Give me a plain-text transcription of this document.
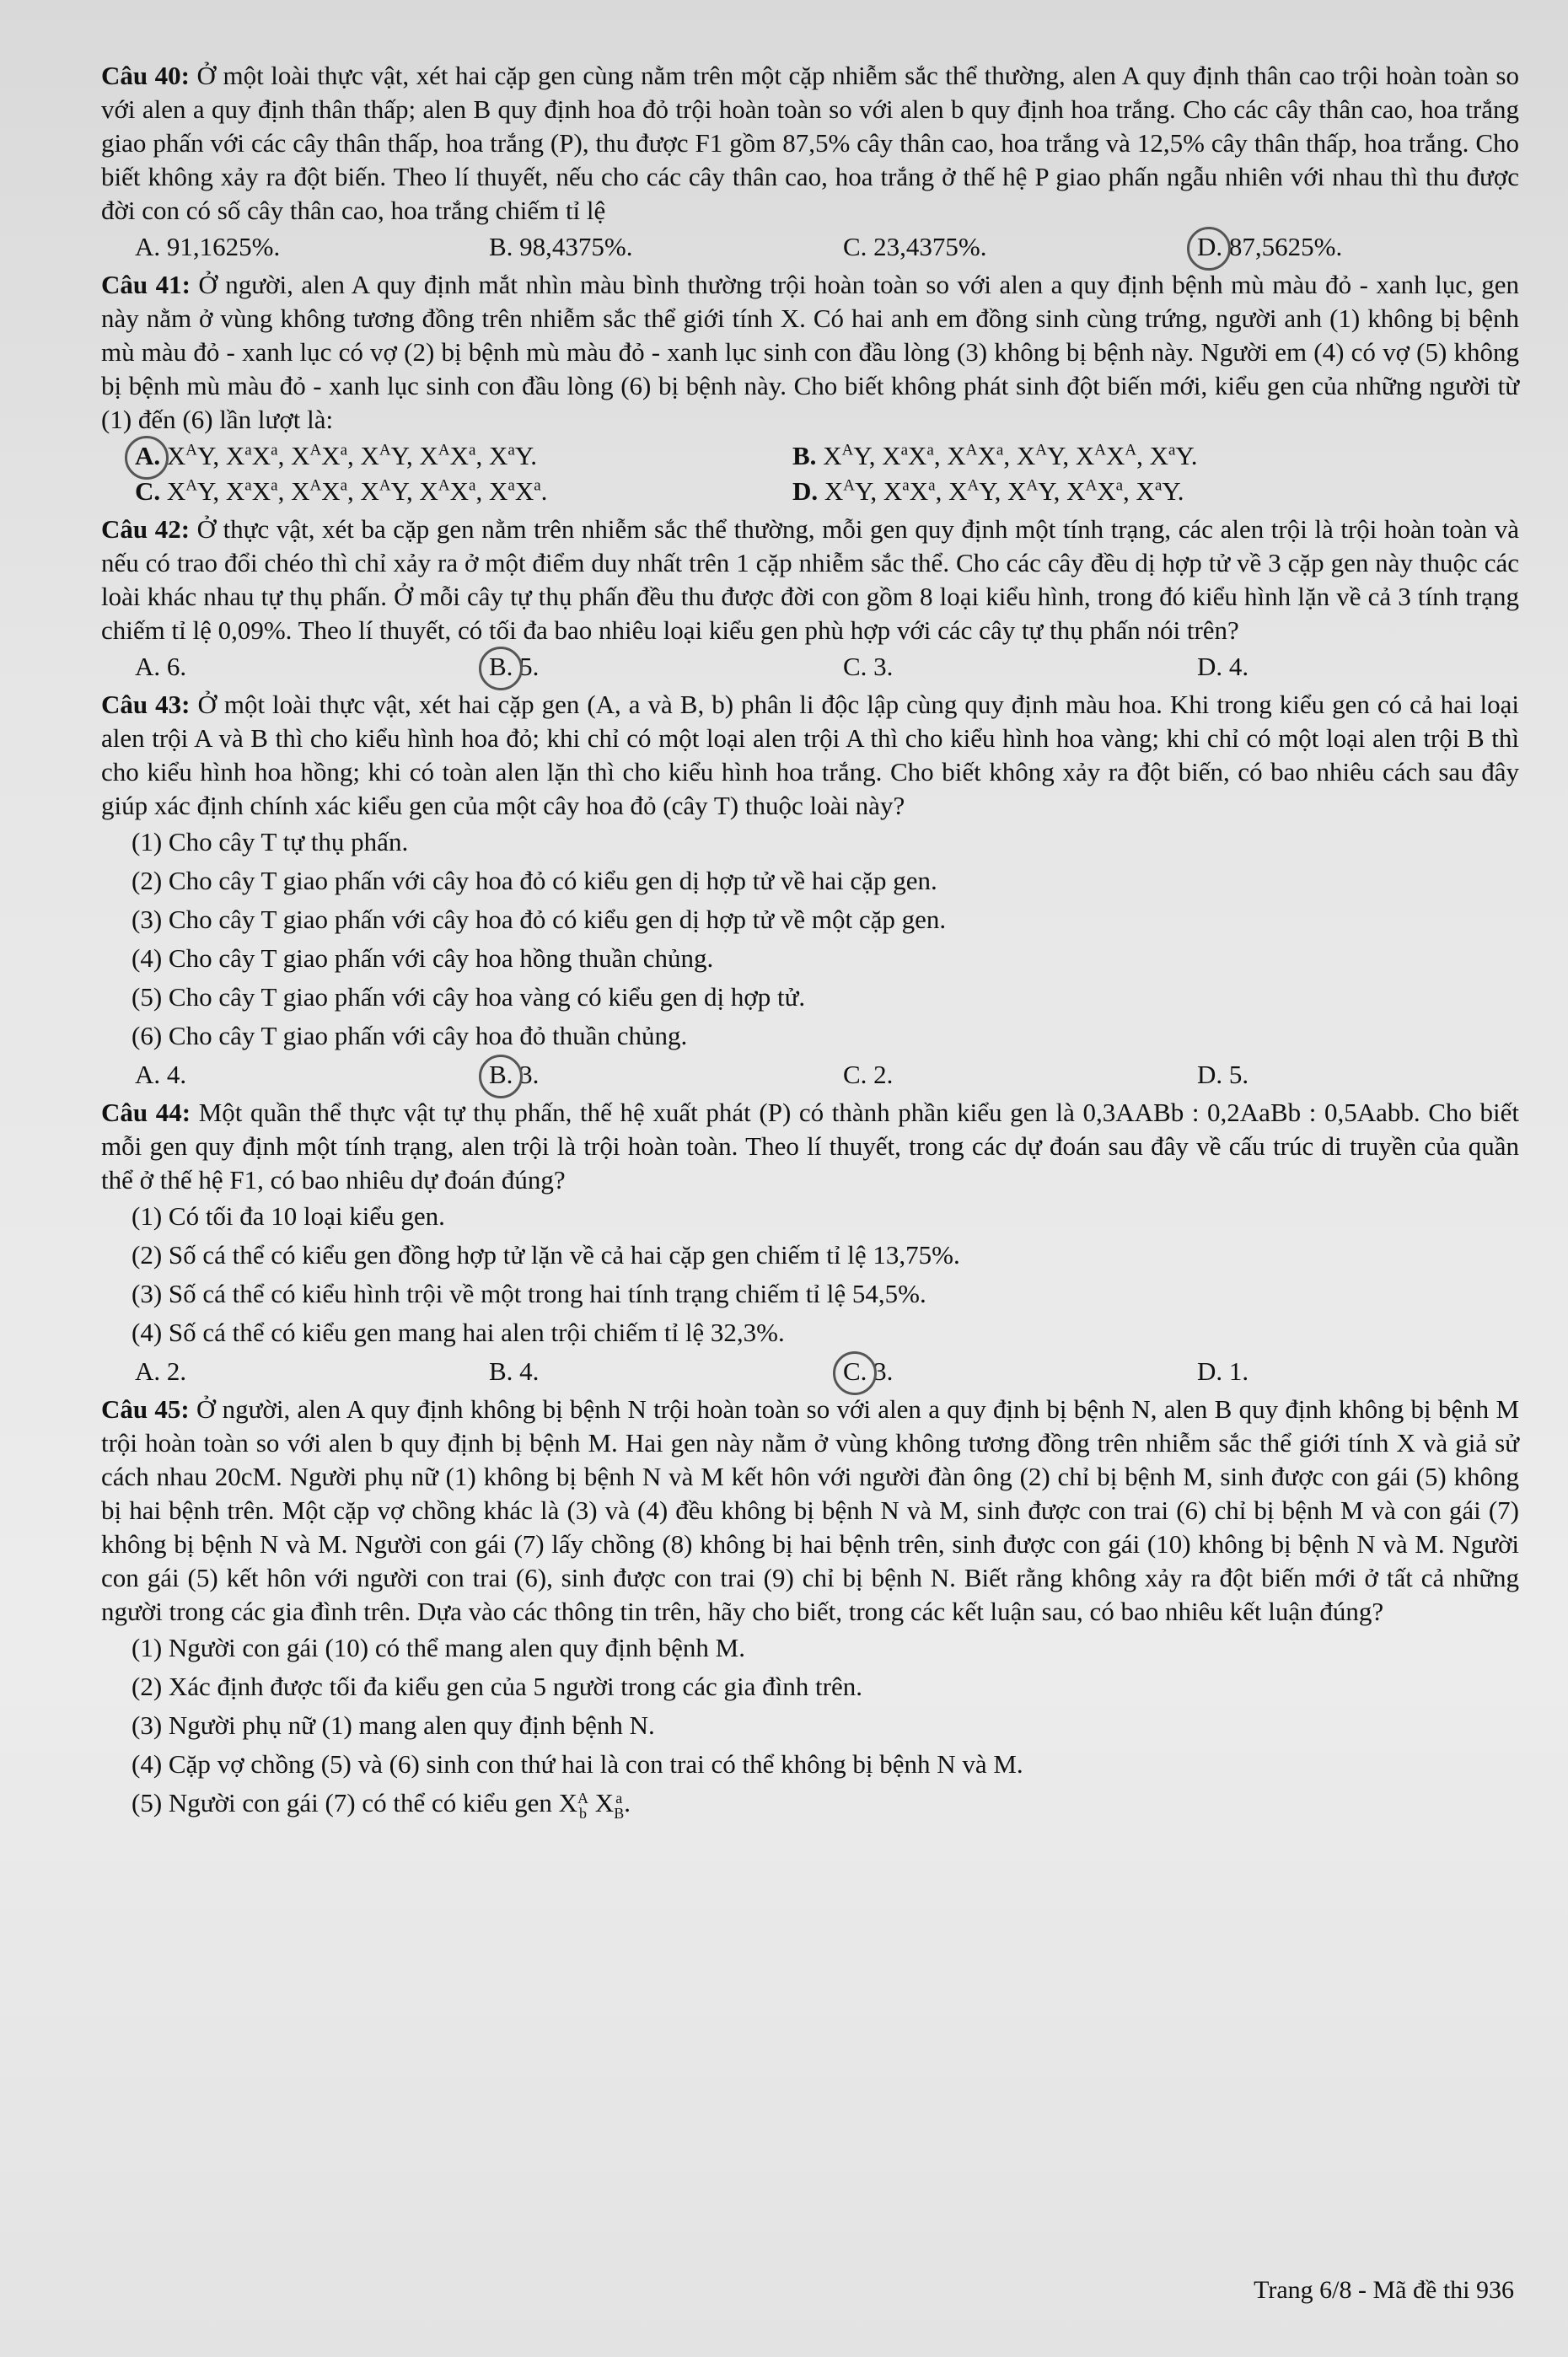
Câu 40: Ở một loài thực vật, xét hai cặp gen cùng nằm trên một cặp nhiễm sắc thể thường, alen A quy định thân cao trội hoàn toàn so với alen a quy định thân thấp; alen B quy định hoa đỏ trội hoàn toàn so với alen b quy định hoa trắng. Cho các cây thân cao, hoa trắng giao phấn với các cây thân thấp, hoa trắng (P), thu được F1 gồm 87,5% cây thân cao, hoa trắng và 12,5% cây thân thấp, hoa trắng. Cho biết không xảy ra đột biến. Theo lí thuyết, nếu cho các cây thân cao, hoa trắng ở thế hệ P giao phấn ngẫu nhiên với nhau thì thu được đời con có số cây thân cao, hoa trắng chiếm tỉ lệ

A. 91,1625%.	B. 98,4375%.	C. 23,4375%.	D. 87,5625%.

Câu 41: Ở người, alen A quy định mắt nhìn màu bình thường trội hoàn toàn so với alen a quy định bệnh mù màu đỏ - xanh lục, gen này nằm ở vùng không tương đồng trên nhiễm sắc thể giới tính X. Có hai anh em đồng sinh cùng trứng, người anh (1) không bị bệnh mù màu đỏ - xanh lục có vợ (2) bị bệnh mù màu đỏ - xanh lục sinh con đầu lòng (3) không bị bệnh này. Người em (4) có vợ (5) không bị bệnh mù màu đỏ - xanh lục sinh con đầu lòng (6) bị bệnh này. Cho biết không phát sinh đột biến mới, kiểu gen của những người từ (1) đến (6) lần lượt là:

A. $X^AY$, $X^aX^a$, $X^AX^a$, $X^AY$, $X^AX^a$, $X^aY$.	B. $X^AY$, $X^aX^a$, $X^AX^a$, $X^AY$, $X^AX^A$, $X^aY$.
C. $X^AY$, $X^aX^a$, $X^AX^a$, $X^AY$, $X^AX^a$, $X^aX^a$.	D. $X^AY$, $X^aX^a$, $X^AY$, $X^AY$, $X^AX^a$, $X^aY$.

Câu 42: Ở thực vật, xét ba cặp gen nằm trên nhiễm sắc thể thường, mỗi gen quy định một tính trạng, các alen trội là trội hoàn toàn và nếu có trao đổi chéo thì chỉ xảy ra ở một điểm duy nhất trên 1 cặp nhiễm sắc thể. Cho các cây đều dị hợp tử về 3 cặp gen này thuộc các loài khác nhau tự thụ phấn. Ở mỗi cây tự thụ phấn đều thu được đời con gồm 8 loại kiểu hình, trong đó kiểu hình lặn về cả 3 tính trạng chiếm tỉ lệ 0,09%. Theo lí thuyết, có tối đa bao nhiêu loại kiểu gen phù hợp với các cây tự thụ phấn nói trên?

A. 6.	B. 5.	C. 3.	D. 4.

Câu 43: Ở một loài thực vật, xét hai cặp gen (A, a và B, b) phân li độc lập cùng quy định màu hoa. Khi trong kiểu gen có cả hai loại alen trội A và B thì cho kiểu hình hoa đỏ; khi chỉ có một loại alen trội A thì cho kiểu hình hoa vàng; khi chỉ có một loại alen trội B thì cho kiểu hình hoa hồng; khi có toàn alen lặn thì cho kiểu hình hoa trắng. Cho biết không xảy ra đột biến, có bao nhiêu cách sau đây giúp xác định chính xác kiểu gen của một cây hoa đỏ (cây T) thuộc loài này?

(1) Cho cây T tự thụ phấn.

(2) Cho cây T giao phấn với cây hoa đỏ có kiểu gen dị hợp tử về hai cặp gen.

(3) Cho cây T giao phấn với cây hoa đỏ có kiểu gen dị hợp tử về một cặp gen.

(4) Cho cây T giao phấn với cây hoa hồng thuần chủng.

(5) Cho cây T giao phấn với cây hoa vàng có kiểu gen dị hợp tử.

(6) Cho cây T giao phấn với cây hoa đỏ thuần chủng.

A. 4.	B. 3.	C. 2.	D. 5.

Câu 44: Một quần thể thực vật tự thụ phấn, thế hệ xuất phát (P) có thành phần kiểu gen là 0,3AABb : 0,2AaBb : 0,5Aabb. Cho biết mỗi gen quy định một tính trạng, alen trội là trội hoàn toàn. Theo lí thuyết, trong các dự đoán sau đây về cấu trúc di truyền của quần thể ở thế hệ F1, có bao nhiêu dự đoán đúng?

(1) Có tối đa 10 loại kiểu gen.

(2) Số cá thể có kiểu gen đồng hợp tử lặn về cả hai cặp gen chiếm tỉ lệ 13,75%.

(3) Số cá thể có kiểu hình trội về một trong hai tính trạng chiếm tỉ lệ 54,5%.

(4) Số cá thể có kiểu gen mang hai alen trội chiếm tỉ lệ 32,3%.

A. 2.	B. 4.	C. 3.	D. 1.

Câu 45: Ở người, alen A quy định không bị bệnh N trội hoàn toàn so với alen a quy định bị bệnh N, alen B quy định không bị bệnh M trội hoàn toàn so với alen b quy định bị bệnh M. Hai gen này nằm ở vùng không tương đồng trên nhiễm sắc thể giới tính X và giả sử cách nhau 20cM. Người phụ nữ (1) không bị bệnh N và M kết hôn với người đàn ông (2) chỉ bị bệnh M, sinh được con gái (5) không bị hai bệnh trên. Một cặp vợ chồng khác là (3) và (4) đều không bị bệnh N và M, sinh được con trai (6) chỉ bị bệnh M và con gái (7) không bị bệnh N và M. Người con gái (7) lấy chồng (8) không bị hai bệnh trên, sinh được con gái (10) không bị bệnh N và M. Người con gái (5) kết hôn với người con trai (6), sinh được con trai (9) chỉ bị bệnh N. Biết rằng không xảy ra đột biến mới ở tất cả những người trong các gia đình trên. Dựa vào các thông tin trên, hãy cho biết, trong các kết luận sau, có bao nhiêu kết luận đúng?

(1) Người con gái (10) có thể mang alen quy định bệnh M.

(2) Xác định được tối đa kiểu gen của 5 người trong các gia đình trên.

(3) Người phụ nữ (1) mang alen quy định bệnh N.

(4) Cặp vợ chồng (5) và (6) sinh con thứ hai là con trai có thể không bị bệnh N và M.

(5) Người con gái (7) có thể có kiểu gen XA
b X a
B.

Trang 6/8 - Mã đề thi 936
